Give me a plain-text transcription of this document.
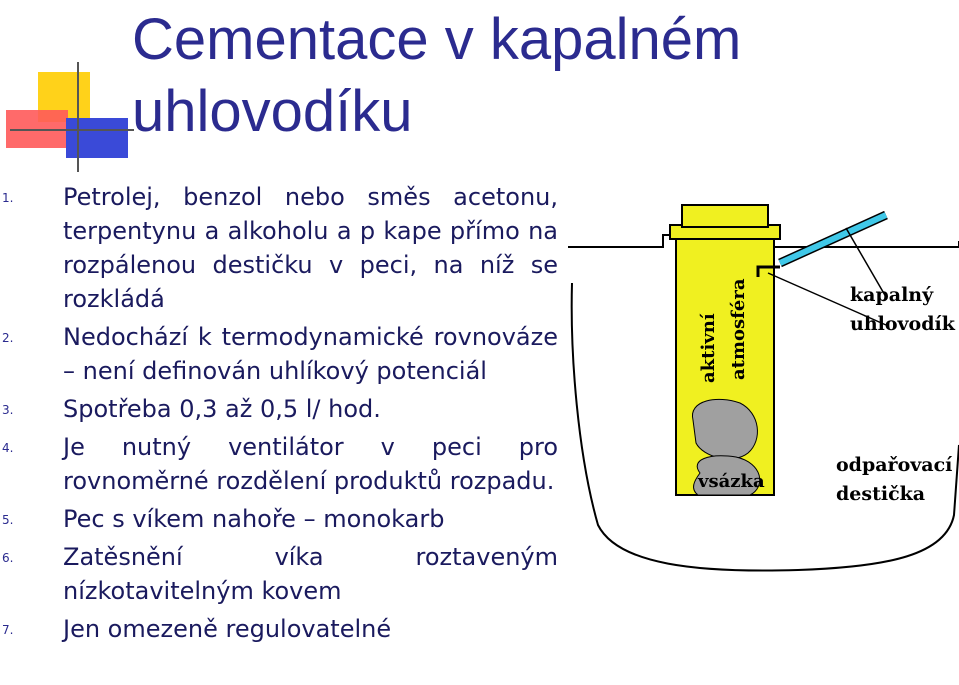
Cementace v kapalném uhlovodíku
1. Petrolej, benzol nebo směs acetonu, terpentynu a alkoholu a p kape přímo na rozpálenou destičku v peci, na níž se rozkládá
2. Nedochází k termodynamické rovnováze – není definován uhlíkový potenciál
3. Spotřeba 0,3 až 0,5 l/ hod.
4. Je nutný ventilátor v peci pro rovnoměrné rozdělení produktů rozpadu.
5. Pec s víkem nahoře – monokarb
6. Zatěsnění víka roztaveným nízkotavitelným kovem
7. Jen omezeně regulovatelné
aktivní atmosféra
vsázka
kapalný
uhlovodík
odpařovací
destička
